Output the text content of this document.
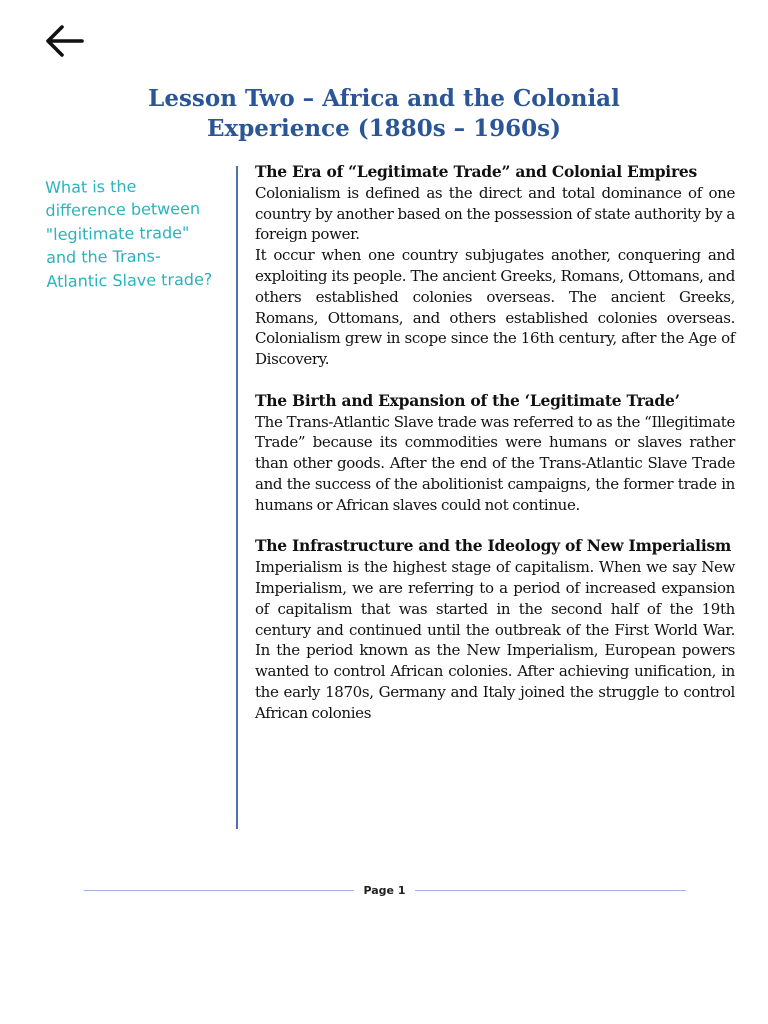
Lesson Two – Africa and the Colonial
Experience (1880s – 1960s)
What is the difference between "legitimate trade" and the Trans-Atlantic Slave trade?
The Era of “Legitimate Trade” and Colonial Empires

Colonialism is defined as the direct and total dominance of one country by another based on the possession of state authority by a foreign power.

It occur when one country subjugates another, conquering and exploiting its people. The ancient Greeks, Romans, Ottomans, and others established colonies overseas. The ancient Greeks, Romans, Ottomans, and others established colonies overseas. Colonialism grew in scope since the 16th century, after the Age of Discovery.

The Birth and Expansion of the ‘Legitimate Trade’

The Trans-Atlantic Slave trade was referred to as the “Illegitimate Trade” because its commodities were humans or slaves rather than other goods. After the end of the Trans-Atlantic Slave Trade and the success of the abolitionist campaigns, the former trade in humans or African slaves could not continue.

The Infrastructure and the Ideology of New Imperialism

Imperialism is the highest stage of capitalism. When we say New Imperialism, we are referring to a period of increased expansion of capitalism that was started in the second half of the 19th century and continued until the outbreak of the First World War. In the period known as the New Imperialism, European powers wanted to control African colonies. After achieving unification, in the early 1870s, Germany and Italy joined the struggle to control African colonies

Page 1
